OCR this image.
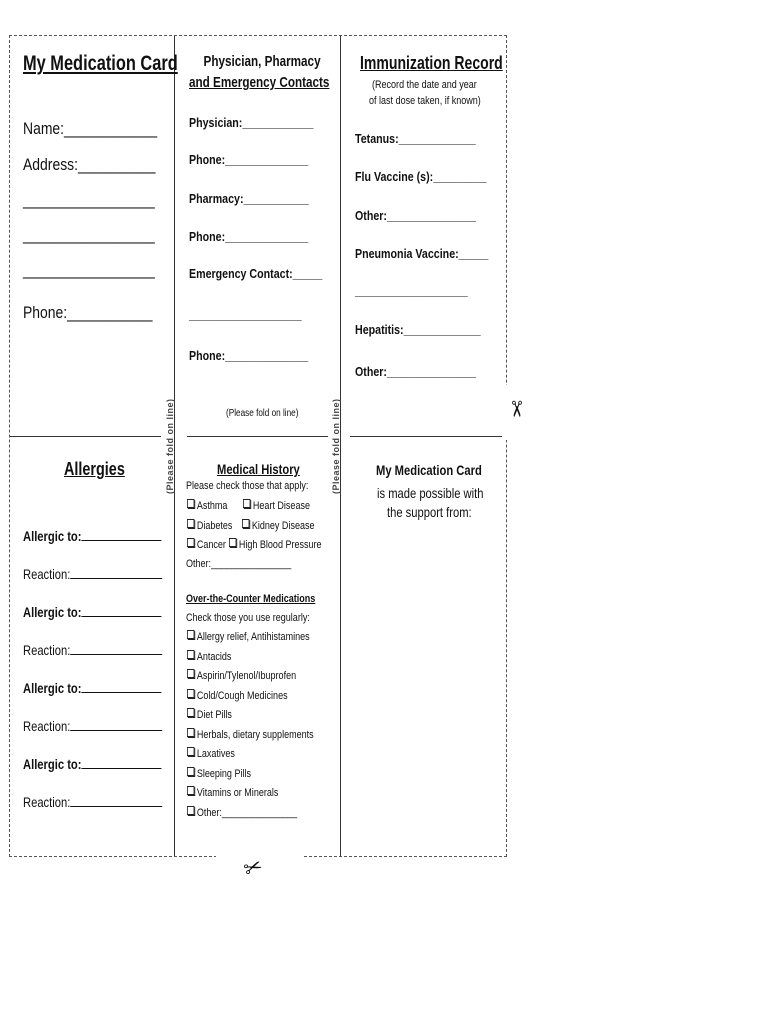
✂
✂
My Medication Card
Name:____________
Address:__________
_________________
_________________
_________________
Phone:___________
Physician, Pharmacy
and Emergency Contacts
Physician:____________
Phone:______________
Pharmacy:___________
Phone:______________
Emergency Contact:_____
___________________
Phone:______________
(Please fold on line)
(Please fold on line)	(Please fold on line)
Immunization Record
(Record the date and year
of last dose taken, if known)
Tetanus:_____________
Flu Vaccine (s):_________
Other:_______________
Pneumonia Vaccine:_____
___________________
Hepatitis:_____________
Other:_______________
Allergies
Allergic to:
Reaction:
Allergic to:
Reaction:
Allergic to:
Reaction:
Allergic to:
Reaction:
Medical History
Please check those that apply:
Asthma	Heart Disease
Diabetes	Kidney Disease
Cancer	High Blood Pressure
Other:________________
Over-the-Counter Medications
Check those you use regularly:
Allergy relief, Antihistamines
Antacids
Aspirin/Tylenol/Ibuprofen
Cold/Cough Medicines
Diet Pills
Herbals, dietary supplements
Laxatives
Sleeping Pills
Vitamins or Minerals
Other:_______________
My Medication Card
is made possible with
the support from:
